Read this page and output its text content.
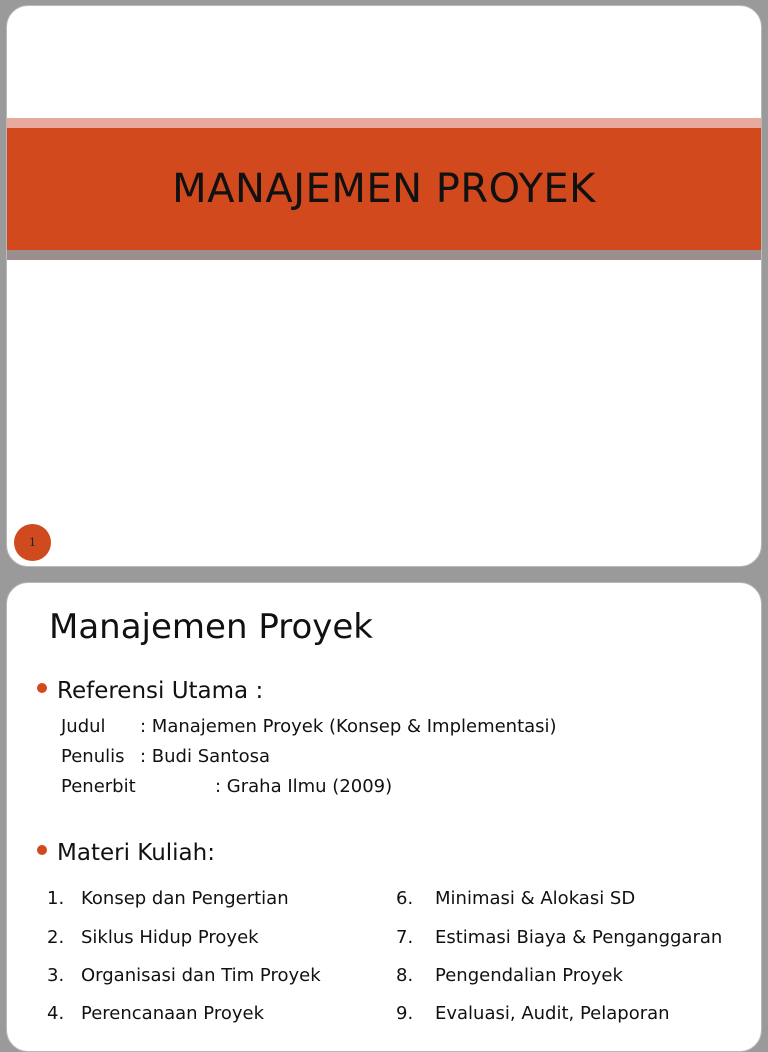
MANAJEMEN PROYEK
1
Manajemen Proyek
Referensi Utama :
Judul : Manajemen Proyek (Konsep & Implementasi)
Penulis : Budi Santosa
Penerbit	: Graha Ilmu (2009)
Materi Kuliah:
1. Konsep dan Pengertian
2. Siklus Hidup Proyek
3. Organisasi dan Tim Proyek
4. Perencanaan Proyek
6. Minimasi & Alokasi SD
7. Estimasi Biaya & Penganggaran
8. Pengendalian Proyek
9. Evaluasi, Audit, Pelaporan
